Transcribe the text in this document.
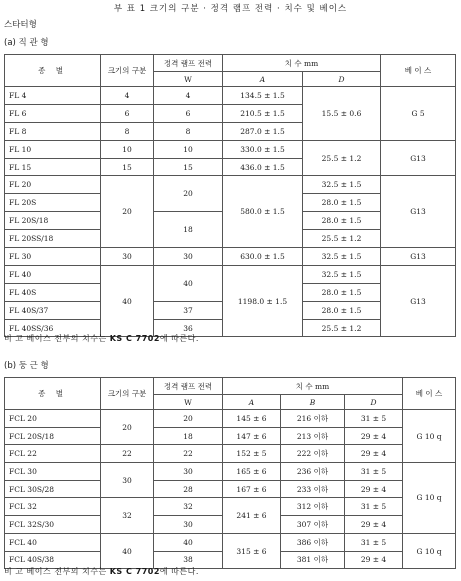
부 표 1 크기의 구분 · 정격 램프 전력 · 치수 및 베이스
스타터형
(a) 직 관 형
종 별	크기의 구분	정격 램프 전력	치 수 mm		베 이 스
		W	A	D	
FL 4	4	4	134.5 ± 1.5	15.5 ± 0.6	G 5
FL 6	6	6	210.5 ± 1.5		
FL 8	8	8	287.0 ± 1.5		
FL 10	10	10	330.0 ± 1.5	25.5 ± 1.2	G13
FL 15	15	15	436.0 ± 1.5		
FL 20	20	20	580.0 ± 1.5	32.5 ± 1.5	G13
FL 20S				28.0 ± 1.5	
FL 20S/18		18		28.0 ± 1.5	
FL 20SS/18				25.5 ± 1.2	
FL 30	30	30	630.0 ± 1.5	32.5 ± 1.5	G13
FL 40	40	40	1198.0 ± 1.5	32.5 ± 1.5	G13
FL 40S				28.0 ± 1.5	
FL 40S/37		37		28.0 ± 1.5	
FL 40SS/36		36		25.5 ± 1.2	
비 고 베이스 전부의 치수는 KS C 7702에 따른다.
(b) 둥 근 형
종 별	크기의 구분	정격 램프 전력	치 수 mm			베 이 스
		W	A	B	D	
FCL 20	20	20	145 ± 6	216 이하	31 ± 5	G 10 q
FCL 20S/18		18	147 ± 6	213 이하	29 ± 4	
FCL 22	22	22	152 ± 5	222 이하	29 ± 4	
FCL 30	30	30	165 ± 6	236 이하	31 ± 5	G 10 q
FCL 30S/28		28	167 ± 6	233 이하	29 ± 4	
FCL 32	32	32	241 ± 6	312 이하	31 ± 5	
FCL 32S/30		30		307 이하	29 ± 4	
FCL 40	40	40	315 ± 6	386 이하	31 ± 5	G 10 q
FCL 40S/38		38		381 이하	29 ± 4	
비 고 베이스 전부의 치수는 KS C 7702에 따른다.
